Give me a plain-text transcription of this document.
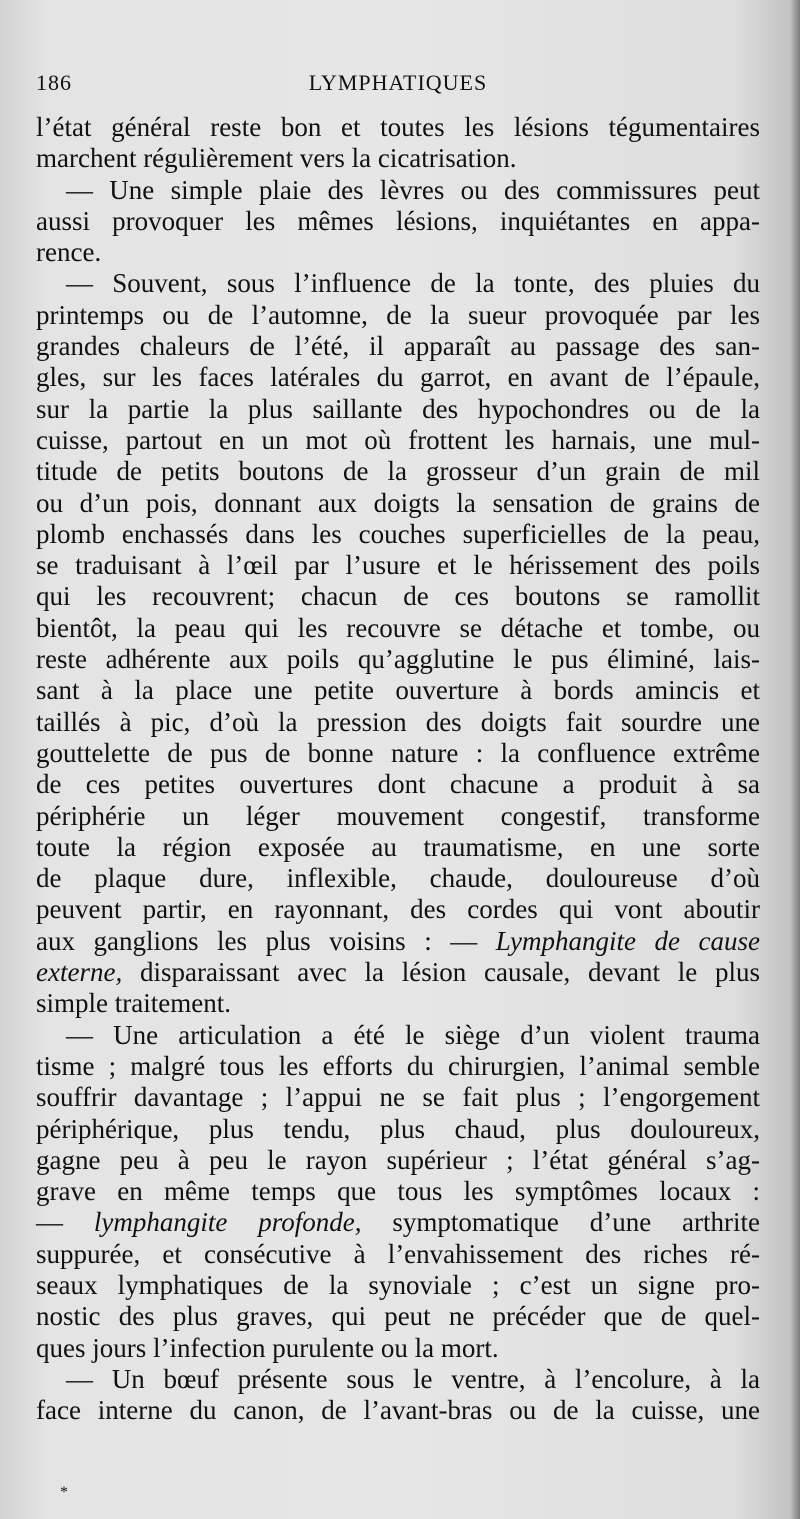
186	LYMPHATIQUES
l’état général reste bon et toutes les lésions tégumentaires
marchent régulièrement vers la cicatrisation.
— Une simple plaie des lèvres ou des commissures peut
aussi provoquer les mêmes lésions, inquiétantes en appa-
rence.
— Souvent, sous l’influence de la tonte, des pluies du
printemps ou de l’automne, de la sueur provoquée par les
grandes chaleurs de l’été, il apparaît au passage des san-
gles, sur les faces latérales du garrot, en avant de l’épaule,
sur la partie la plus saillante des hypochondres ou de la
cuisse, partout en un mot où frottent les harnais, une mul-
titude de petits boutons de la grosseur d’un grain de mil
ou d’un pois, donnant aux doigts la sensation de grains de
plomb enchassés dans les couches superficielles de la peau,
se traduisant à l’œil par l’usure et le hérissement des poils
qui les recouvrent; chacun de ces boutons se ramollit
bientôt, la peau qui les recouvre se détache et tombe, ou
reste adhérente aux poils qu’agglutine le pus éliminé, lais-
sant à la place une petite ouverture à bords amincis et
taillés à pic, d’où la pression des doigts fait sourdre une
gouttelette de pus de bonne nature : la confluence extrême
de ces petites ouvertures dont chacune a produit à sa
périphérie un léger mouvement congestif, transforme
toute la région exposée au traumatisme, en une sorte
de plaque dure, inflexible, chaude, douloureuse d’où
peuvent partir, en rayonnant, des cordes qui vont aboutir
aux ganglions les plus voisins : — Lymphangite de cause
externe, disparaissant avec la lésion causale, devant le plus
simple traitement.
— Une articulation a été le siège d’un violent trauma
tisme ; malgré tous les efforts du chirurgien, l’animal semble
souffrir davantage ; l’appui ne se fait plus ; l’engorgement
périphérique, plus tendu, plus chaud, plus douloureux,
gagne peu à peu le rayon supérieur ; l’état général s’ag-
grave en même temps que tous les symptômes locaux :
— lymphangite profonde, symptomatique d’une arthrite
suppurée, et consécutive à l’envahissement des riches ré-
seaux lymphatiques de la synoviale ; c’est un signe pro-
nostic des plus graves, qui peut ne précéder que de quel-
ques jours l’infection purulente ou la mort.
— Un bœuf présente sous le ventre, à l’encolure, à la
face interne du canon, de l’avant-bras ou de la cuisse, une
*
